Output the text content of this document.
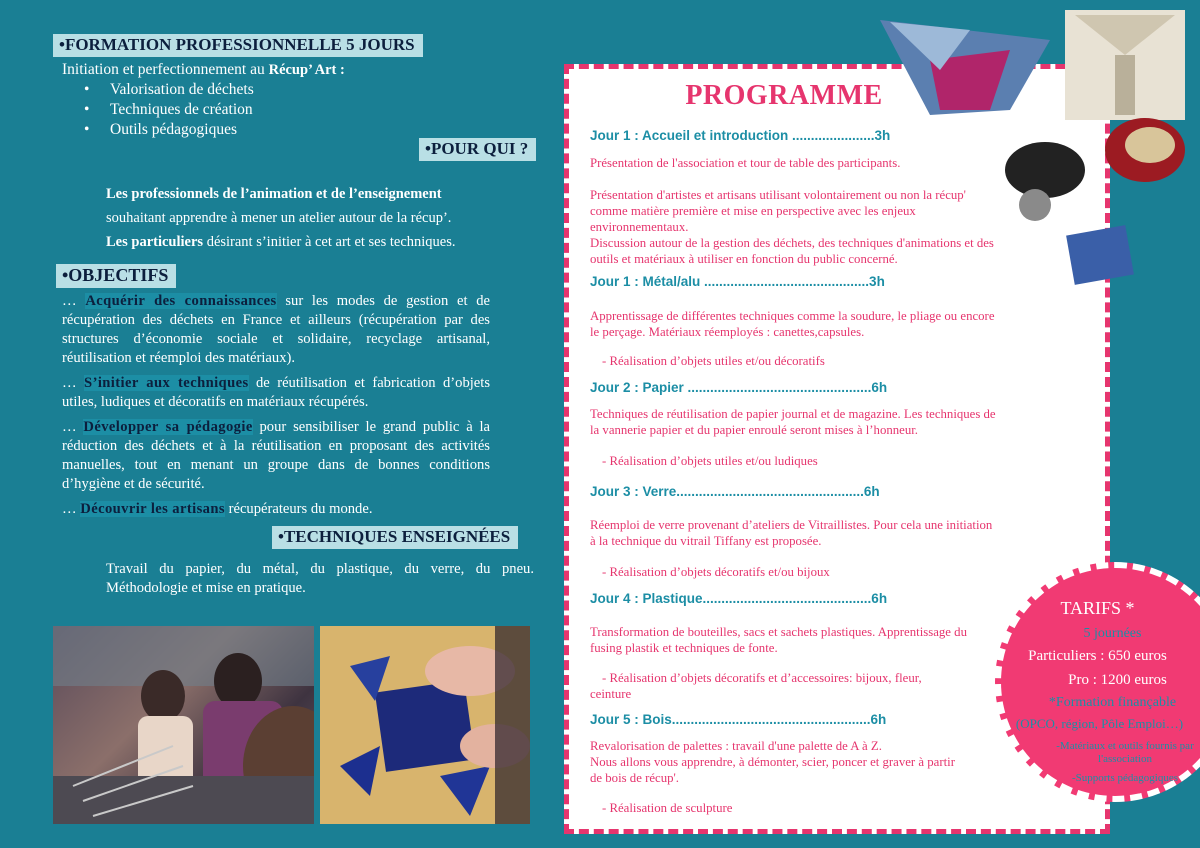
•FORMATION PROFESSIONNELLE 5 JOURS
Initiation et perfectionnement au Récup’ Art :
• Valorisation de déchets
• Techniques de création
• Outils pédagogiques
•POUR QUI ?
Les professionnels de l’animation et de l’enseignement
souhaitant apprendre à mener un atelier autour de la récup’.
Les particuliers désirant s’initier à cet art et ses techniques.
•OBJECTIFS

… Acquérir des connaissances sur les modes de gestion et de récupération des déchets en France et ailleurs (récupération par des structures d’économie sociale et solidaire, recyclage artisanal, réutilisation et réemploi des matériaux).

… S’initier aux techniques de réutilisation et fabrication d’objets utiles, ludiques et décoratifs en matériaux récupérés.

… Développer sa pédagogie pour sensibiliser le grand public à la réduction des déchets et à la réutilisation en proposant des activités manuelles, tout en menant un groupe dans de bonnes conditions d’hygiène et de sécurité.

… Découvrir les artisans récupérateurs du monde.

•TECHNIQUES ENSEIGNÉES
Travail du papier, du métal, du plastique, du verre, du pneu. Méthodologie et mise en pratique.
PROGRAMME
Jour 1 : Accueil et introduction ......................3h

Présentation de l'association et tour de table des participants.

Présentation d'artistes et artisans utilisant volontairement ou non la récup' comme matière première et mise en perspective avec les enjeux environnementaux.

Discussion autour de la gestion des déchets, des techniques d'animations et des outils et matériaux à utiliser en fonction du public concerné.

Jour 1 : Métal/alu ............................................3h

Apprentissage de différentes techniques comme la soudure, le pliage ou encore le perçage. Matériaux réemployés : canettes,capsules.

- Réalisation d’objets utiles et/ou décoratifs
Jour 2 : Papier .................................................6h

Techniques de réutilisation de papier journal et de magazine. Les techniques de la vannerie papier et du papier enroulé seront mises à l’honneur.

- Réalisation d’objets utiles et/ou ludiques
Jour 3 : Verre..................................................6h

Réemploi de verre provenant d’ateliers de Vitraillistes. Pour cela une initiation à la technique du vitrail Tiffany est proposée.

- Réalisation d’objets décoratifs et/ou bijoux
Jour 4 : Plastique.............................................6h

Transformation de bouteilles, sacs et sachets plastiques. Apprentissage du fusing plastik et techniques de fonte.

- Réalisation d’objets décoratifs et d’accessoires: bijoux, fleur, ceinture
Jour 5 : Bois.....................................................6h

Revalorisation de palettes : travail d'une palette de A à Z.

Nous allons vous apprendre, à démonter, scier, poncer et graver à partir de bois de récup'.

- Réalisation de sculpture
TARIFS *
5 journées
Particuliers : 650 euros
Pro : 1200 euros
*Formation finançable
(OPCO, région, Pôle Emploi…)
-Matériaux et outils fournis par l'association
-Supports pédagogiques
